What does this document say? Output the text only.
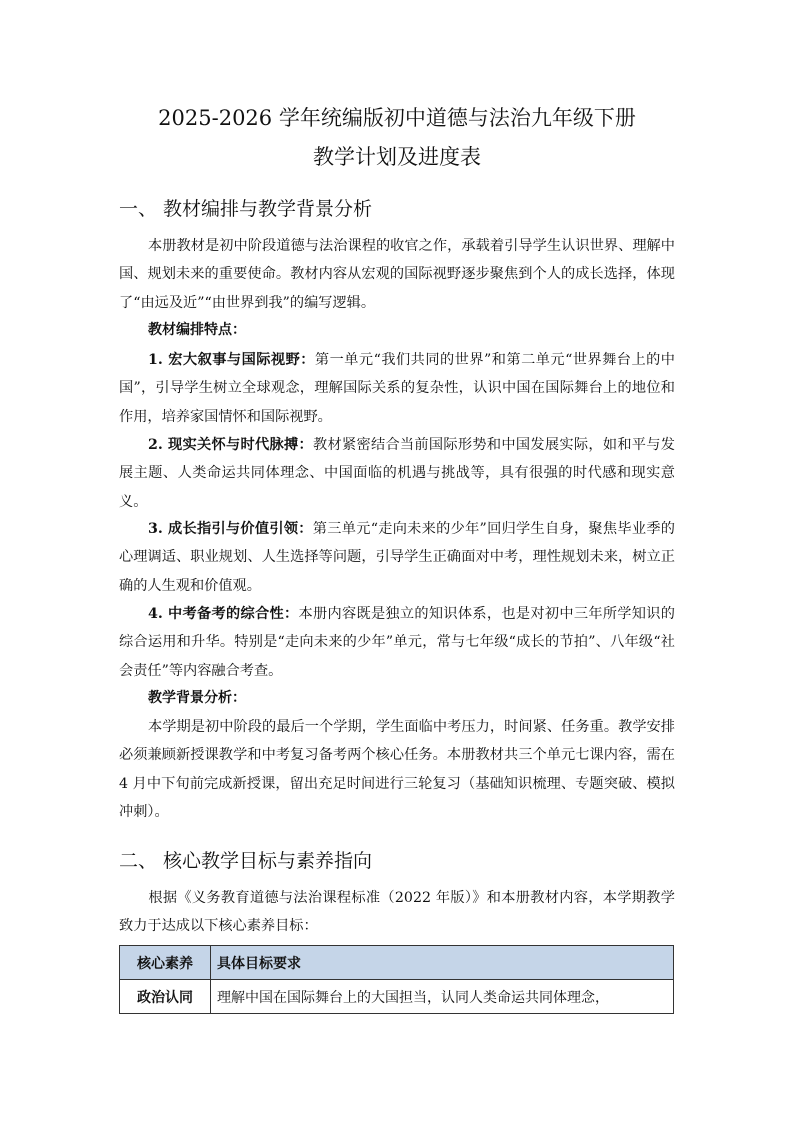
2025-2026 学年统编版初中道德与法治九年级下册
教学计划及进度表
一、 教材编排与教学背景分析
本册教材是初中阶段道德与法治课程的收官之作，承载着引导学生认识世界、理解中国、规划未来的重要使命。教材内容从宏观的国际视野逐步聚焦到个人的成长选择，体现了“由远及近”“由世界到我”的编写逻辑。
教材编排特点：
1. 宏大叙事与国际视野：第一单元“我们共同的世界”和第二单元“世界舞台上的中国”，引导学生树立全球观念，理解国际关系的复杂性，认识中国在国际舞台上的地位和作用，培养家国情怀和国际视野。
2. 现实关怀与时代脉搏：教材紧密结合当前国际形势和中国发展实际，如和平与发展主题、人类命运共同体理念、中国面临的机遇与挑战等，具有很强的时代感和现实意义。
3. 成长指引与价值引领：第三单元“走向未来的少年”回归学生自身，聚焦毕业季的心理调适、职业规划、人生选择等问题，引导学生正确面对中考，理性规划未来，树立正确的人生观和价值观。
4. 中考备考的综合性：本册内容既是独立的知识体系，也是对初中三年所学知识的综合运用和升华。特别是“走向未来的少年”单元，常与七年级“成长的节拍”、八年级“社会责任”等内容融合考查。
教学背景分析：
本学期是初中阶段的最后一个学期，学生面临中考压力，时间紧、任务重。教学安排必须兼顾新授课教学和中考复习备考两个核心任务。本册教材共三个单元七课内容，需在 4 月中下旬前完成新授课，留出充足时间进行三轮复习（基础知识梳理、专题突破、模拟冲刺）。
二、 核心教学目标与素养指向
根据《义务教育道德与法治课程标准（2022 年版）》和本册教材内容，本学期教学致力于达成以下核心素养目标：
核心素养	具体目标要求
政治认同	理解中国在国际舞台上的大国担当，认同人类命运共同体理念，
